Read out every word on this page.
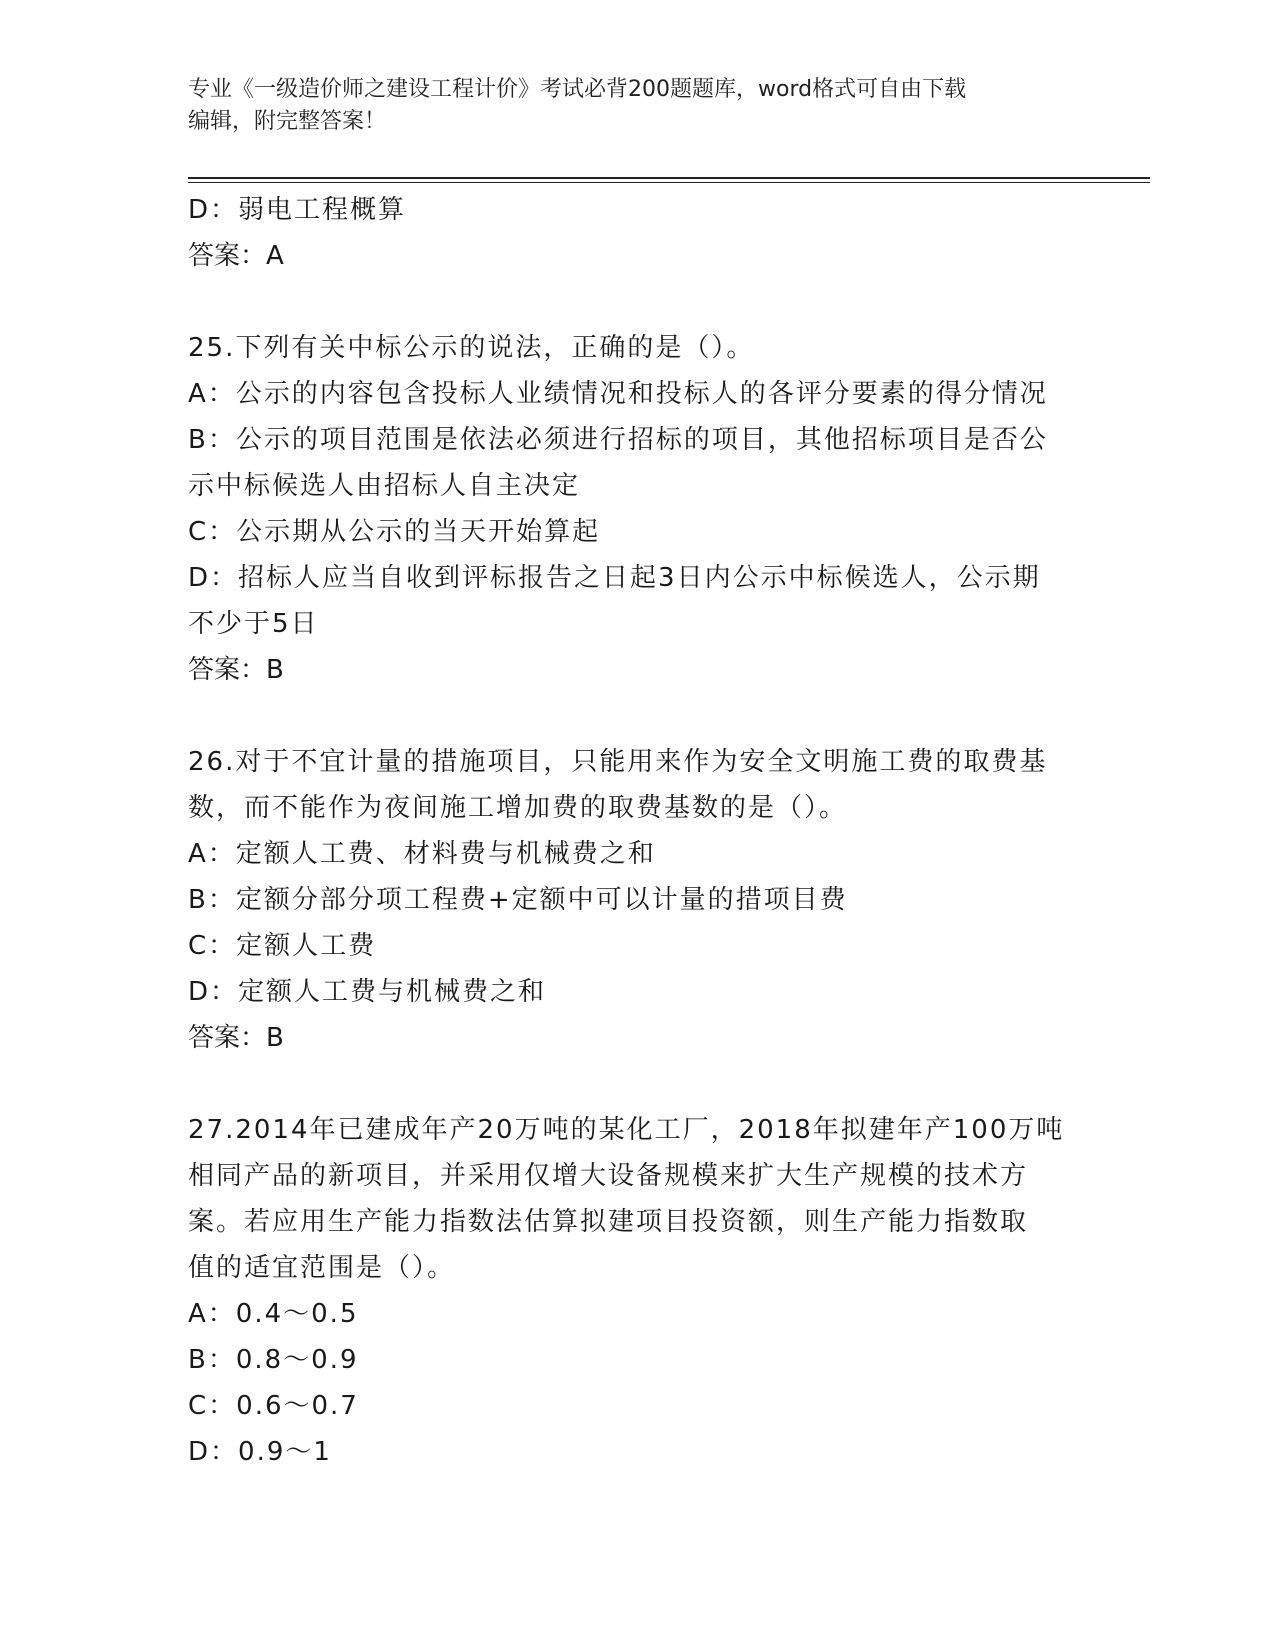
专业《一级造价师之建设工程计价》考试必背200题题库，word格式可自由下载
编辑，附完整答案！

D：弱电工程概算

答案：A

25.下列有关中标公示的说法，正确的是（）。

A：公示的内容包含投标人业绩情况和投标人的各评分要素的得分情况

B：公示的项目范围是依法必须进行招标的项目，其他招标项目是否公

示中标候选人由招标人自主决定

C：公示期从公示的当天开始算起

D：招标人应当自收到评标报告之日起3日内公示中标候选人，公示期

不少于5日

答案：B

26.对于不宜计量的措施项目，只能用来作为安全文明施工费的取费基

数，而不能作为夜间施工增加费的取费基数的是（）。

A：定额人工费、材料费与机械费之和

B：定额分部分项工程费+定额中可以计量的措项目费

C：定额人工费

D：定额人工费与机械费之和

答案：B

27.2014年已建成年产20万吨的某化工厂，2018年拟建年产100万吨

相同产品的新项目，并采用仅增大设备规模来扩大生产规模的技术方

案。若应用生产能力指数法估算拟建项目投资额，则生产能力指数取

值的适宜范围是（）。

A：0.4～0.5

B：0.8～0.9

C：0.6～0.7

D：0.9～1
